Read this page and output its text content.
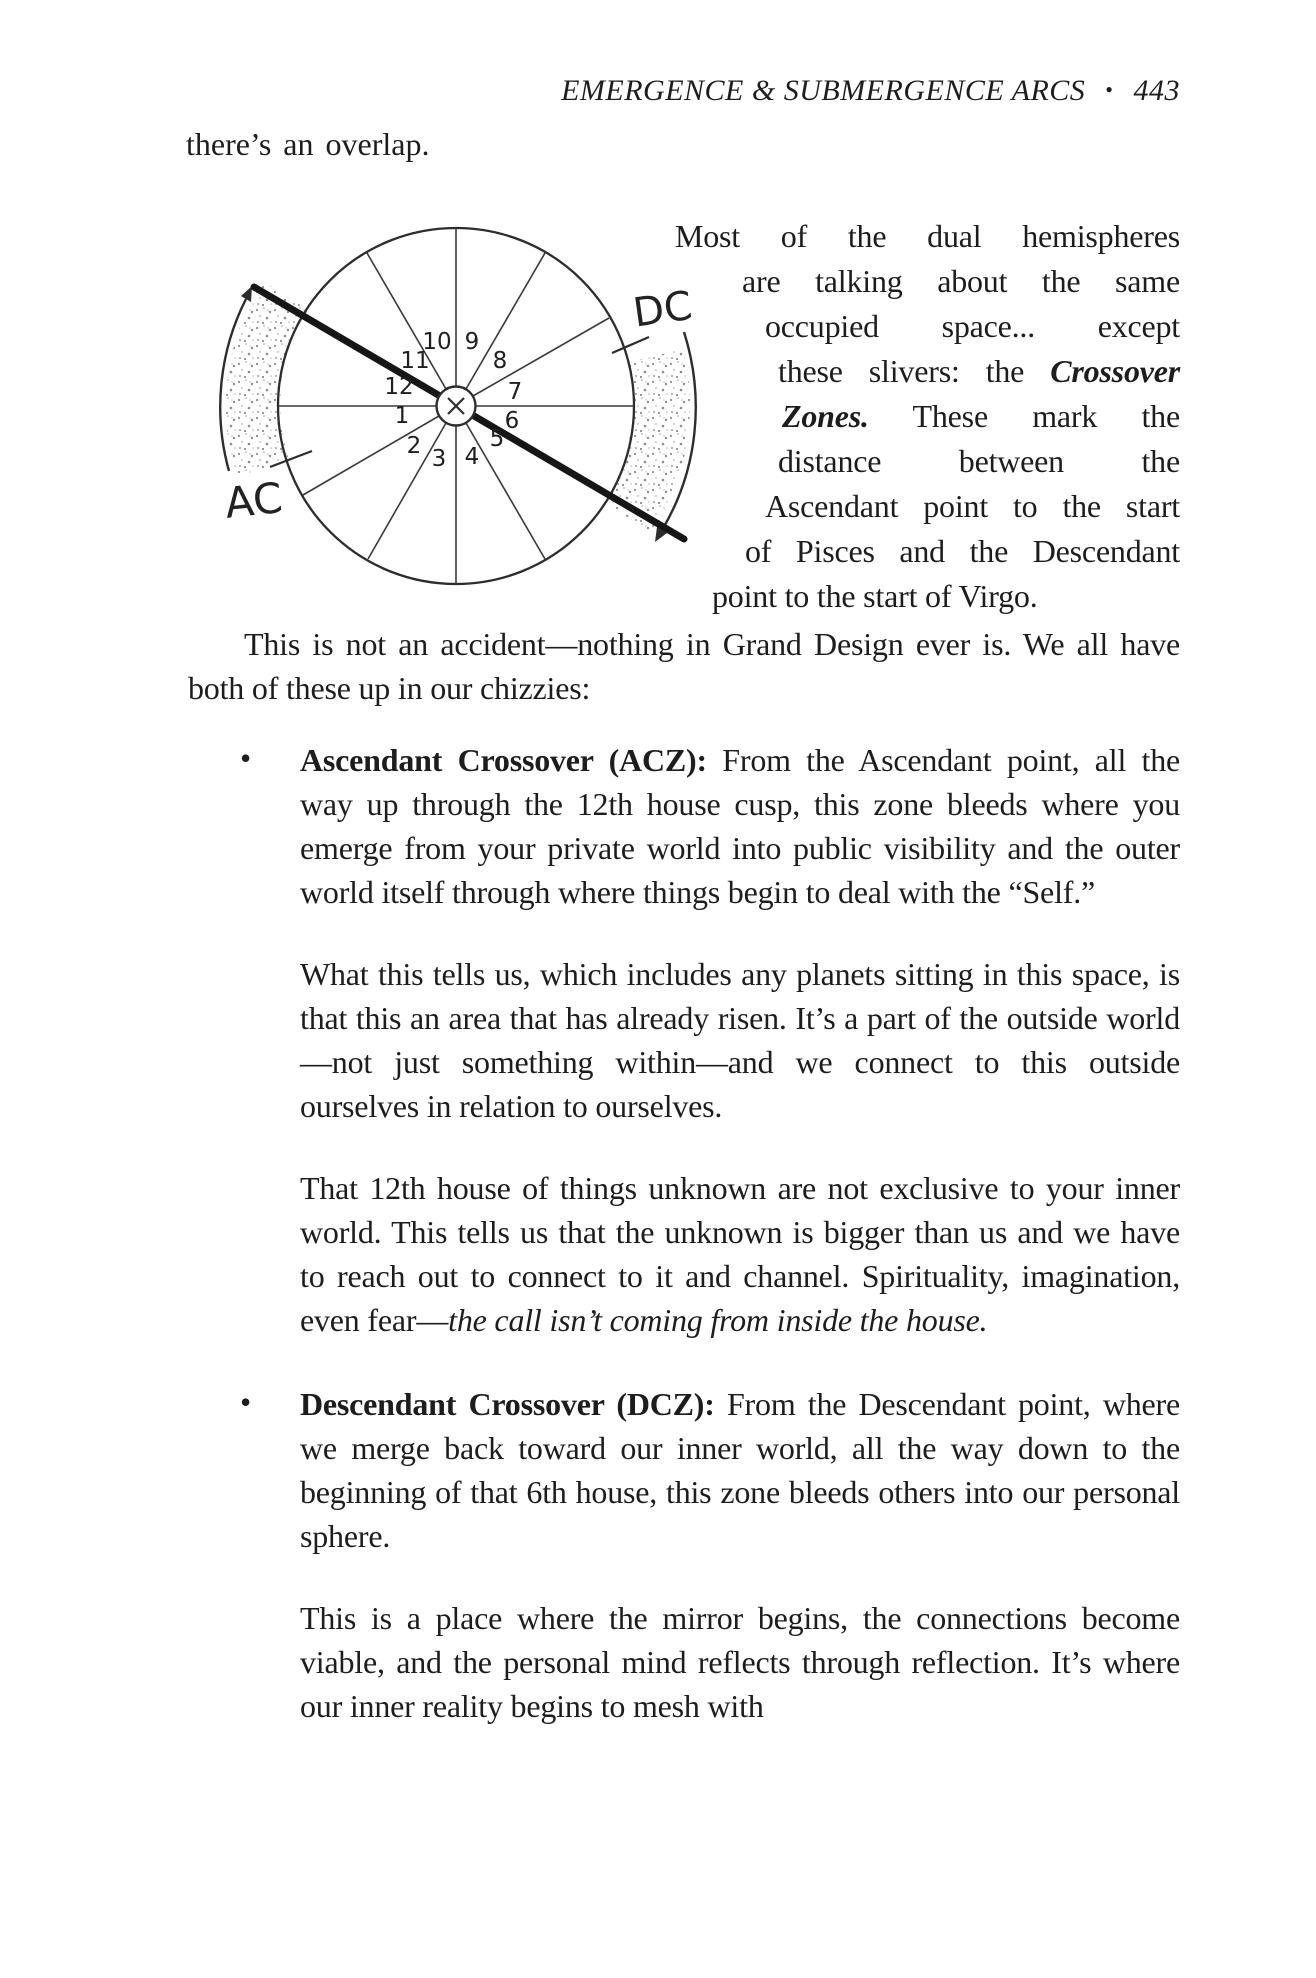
EMERGENCE & SUBMERGENCE ARCS • 443
there’s an overlap.
1
2 3 4
5
6
7
8
9
10
11
12
AC
DC
Most of the dual hemispheres
are talking about the same
occupied space... except
these slivers: the Crossover
Zones. These mark the
distance between the
Ascendant point to the start
of Pisces and the Descendant
point to the start of Virgo.
This is not an accident—nothing in Grand Design ever is. We all have both of these up in our chizzies:
• Ascendant Crossover (ACZ): From the Ascendant point, all the way up through the 12th house cusp, this zone bleeds where you emerge from your private world into public visibility and the outer world itself through where things begin to deal with the “Self.”
What this tells us, which includes any planets sitting in this space, is that this an area that has already risen. It’s a part of the outside world—not just something within—and we connect to this outside ourselves in relation to ourselves.
That 12th house of things unknown are not exclusive to your inner world. This tells us that the unknown is bigger than us and we have to reach out to connect to it and channel. Spirituality, imagination, even fear—the call isn’t coming from inside the house.
• Descendant Crossover (DCZ): From the Descendant point, where we merge back toward our inner world, all the way down to the beginning of that 6th house, this zone bleeds others into our personal sphere.
This is a place where the mirror begins, the connections become viable, and the personal mind reflects through reflection. It’s where our inner reality begins to mesh with
